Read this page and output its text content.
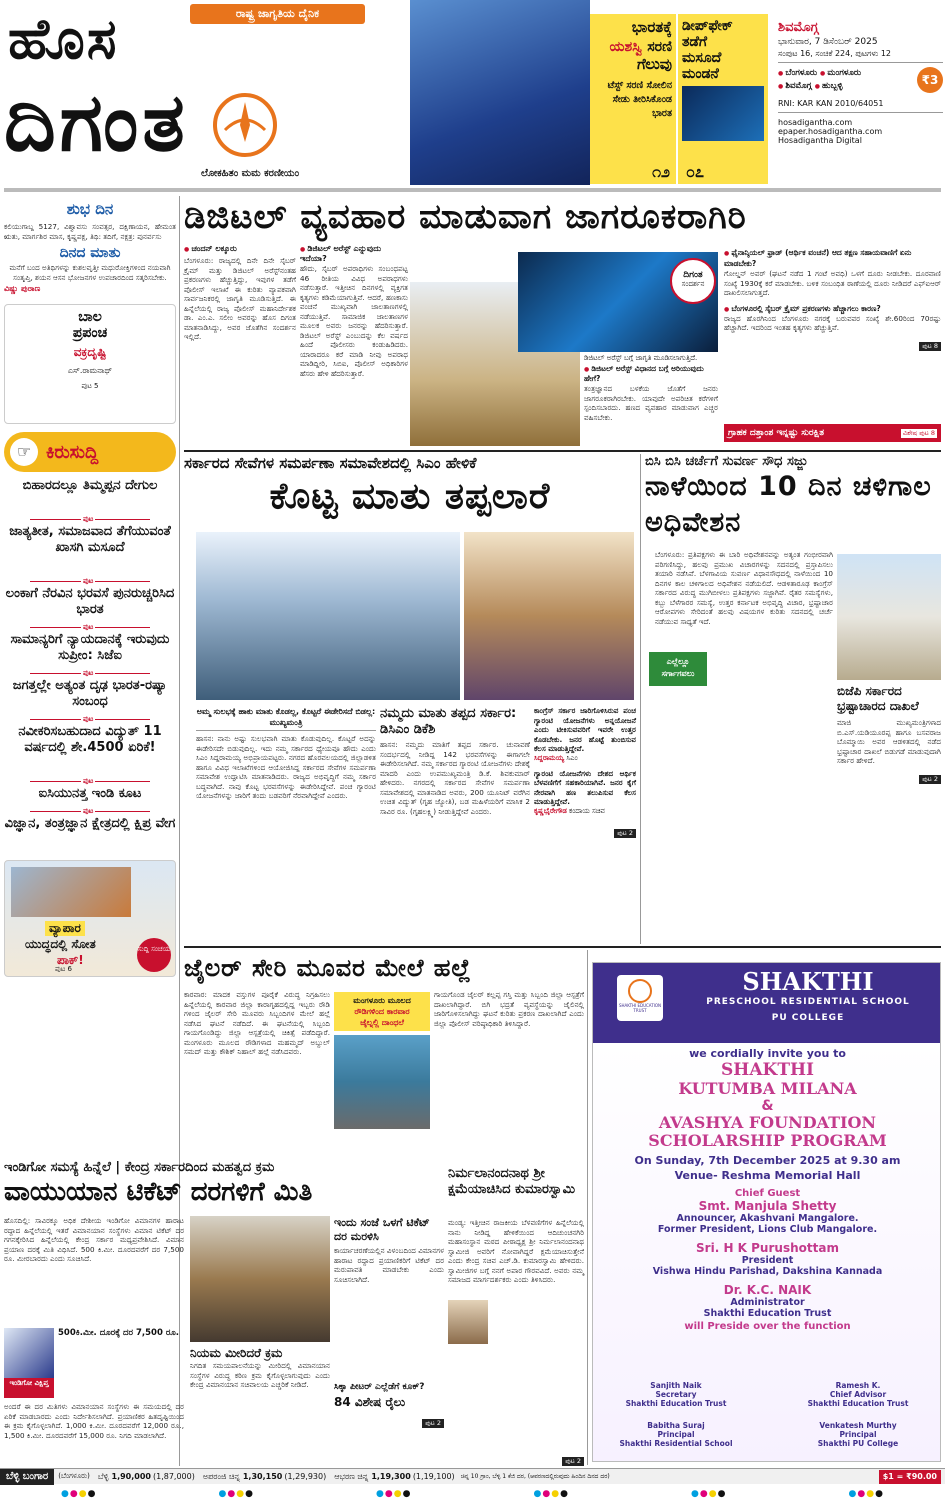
ಹೊಸ
ದಿಗಂತ
ರಾಷ್ಟ್ರ ಜಾಗೃತಿಯ ದೈನಿಕ
ಲೋಕಹಿತಂ ಮಮ ಕರಣೀಯಂ
ಭಾರತಕ್ಕೆ
ಯಶಸ್ವಿ ಸರಣಿ
ಗೆಲುವು
ಟೆಸ್ಟ್ ಸರಣಿ ಸೋಲಿನ ಸೇಡು ತೀರಿಸಿಕೊಂಡ ಭಾರತ
೧೨
ಡೀಪ್‌ಫೇಕ್
ತಡೆಗೆ
ಮಸೂದೆ
ಮಂಡನೆ
೦೭
ಶಿವಮೊಗ್ಗ
ಭಾನುವಾರ, 7 ಡಿಸೆಂಬರ್ 2025
ಸಂಪುಟ 16, ಸಂಚಿಕೆ 224, ಪುಟಗಳು 12
● ಬೆಂಗಳೂರು ● ಮಂಗಳೂರು
● ಶಿವಮೊಗ್ಗ ● ಹುಬ್ಬಳ್ಳಿ	₹3
RNI: KAR KAN 2010/64051
hosadigantha.com
epaper.hosadigantha.com
Hosadigantha Digital
ಶುಭ ದಿನ
ಕಲಿಯುಗಾಬ್ದ 5127, ವಿಶ್ವಾವಸು ಸಂವತ್ಸರ, ದಕ್ಷಿಣಾಯನ, ಹೇಮಂತ ಋತು, ಮಾರ್ಗಶಿರ ಮಾಸ, ಕೃಷ್ಣಪಕ್ಷ, ತಿಥಿ: ತದಿಗೆ, ನಕ್ಷತ್ರ: ಪುನರ್ವಸು
ದಿನದ ಮಾತು
ಮನೆಗೆ ಬಂದ ಅತಿಥಿಗಳನ್ನು ಕುಶಲವೃತ್ತೀ ಮಧುರೋಕ್ತಿಗಳಿಂದ ನಯವಾಗಿ ಸಂತೃಪ್ತಿ, ಶಯನ ಆಸನ ಭೋಜನಗಳ ಉಪಚಾರದಿಂದ ಸತ್ಕರಿಸಬೇಕು.
ವಿಷ್ಣು ಪುರಾಣ
ಬಾಲ
ಪ್ರಪಂಚ
ವಕ್ರದೃಷ್ಟಿ
ಎಸ್.ರಾಮನಾಥ್
ಪುಟ 5
☞ ಕಿರುಸುದ್ದಿ
ಬಿಹಾರದಲ್ಲೂ ತಿಮ್ಮಪ್ಪನ ದೇಗುಲ
ಪುಟ
ಜಾತ್ಯತೀತ, ಸಮಾಜವಾದ ತೆಗೆಯುವಂತೆ ಖಾಸಗಿ ಮಸೂದೆ
ಪುಟ
ಲಂಕಾಗೆ ನೆರವಿನ ಭರವಸೆ ಪುನರುಚ್ಚರಿಸಿದ ಭಾರತ
ಪುಟ
ಸಾಮಾನ್ಯರಿಗೆ ನ್ಯಾಯದಾನಕ್ಕೆ ಇರುವುದು ಸುಪ್ರೀಂ: ಸಿಜೆಐ
ಪುಟ
ಜಗತ್ತಲ್ಲೇ ಅತ್ಯಂತ ದೃಢ ಭಾರತ-ರಷ್ಯಾ ಸಂಬಂಧ
ಪುಟ
ನವೀಕರಿಸಬಹುದಾದ ವಿದ್ಯುತ್ 11 ವರ್ಷದಲ್ಲಿ ಶೇ.4500 ಏರಿಕೆ!
ಪುಟ
ಐಸಿಯುನತ್ತ ಇಂಡಿ ಕೂಟ
ಪುಟ
ವಿಜ್ಞಾನ, ತಂತ್ರಜ್ಞಾನ ಕ್ಷೇತ್ರದಲ್ಲಿ ಕ್ಷಿಪ್ರ ವೇಗ
ವ್ಯಾಪಾರ
ಯುದ್ಧದಲ್ಲಿ ಸೋತ
ಪಾಕ್!
ಪುಟ 6
ಸುದ್ದಿ ಸಂಚಯ
ಡಿಜಿಟಲ್ ವ್ಯವಹಾರ ಮಾಡುವಾಗ ಜಾಗರೂಕರಾಗಿರಿ
● ಚಂದನ್ ಲಕ್ಕೂರು
ಬೆಂಗಳೂರು: ರಾಜ್ಯದಲ್ಲಿ ದಿನೇ ದಿನೇ ಸೈಬರ್ ಕ್ರೈಮ್ ಮತ್ತು ಡಿಜಿಟಲ್ ಅರೆಸ್ಟ್‌ನಂತಹ ಪ್ರಕರಣಗಳು ಹೆಚ್ಚುತ್ತಿದ್ದು, ಇವುಗಳ ತಡೆಗೆ ಪೊಲೀಸ್ ಇಲಾಖೆ ಈ ಕುರಿತು ವ್ಯಾಪಕವಾಗಿ ಸಾರ್ವಜನಿಕರಲ್ಲಿ ಜಾಗೃತಿ ಮೂಡಿಸುತ್ತಿದೆ. ಈ ಹಿನ್ನೆಲೆಯಲ್ಲಿ ರಾಜ್ಯ ಪೊಲೀಸ್ ಮಹಾನಿರ್ದೇಶಕ ಡಾ. ಎಂ.ಎ. ಸಲೀಂ ಅವರನ್ನು ಹೊಸ ದಿಗಂತ ಮಾತನಾಡಿಸಿದ್ದು, ಅವರ ಜೊತೆಗಿನ ಸಂದರ್ಶನ ಇಲ್ಲಿದೆ.
● ಡಿಜಿಟಲ್ ಅರೆಸ್ಟ್ ಎನ್ನುವುದು ಇದೆಯಾ?
ಹೌದು, ಸೈಬರ್ ಅಪರಾಧಿಗಳು ಸಂಬಂಧಪಟ್ಟ 46 ರೀತಿಯ ವಿವಿಧ ಅಪರಾಧಗಳು ನಡೆಸುತ್ತಾರೆ. ಇತ್ತೀಚಿನ ದಿನಗಳಲ್ಲಿ ವ್ಯಕ್ತಿಗತ ಕೃತ್ಯಗಳು ಕಡಿಮೆಯಾಗುತ್ತಿವೆ. ಆದರೆ, ಹಣಕಾಸು ವಂಚನೆ ಮುಖ್ಯವಾಗಿ ಜಾಲತಾಣಗಳಲ್ಲಿ ನಡೆಯುತ್ತಿವೆ. ಸಾಮಾಜಿಕ ಜಾಲತಾಣಗಳ ಮೂಲಕ ಅವರು ಜನರನ್ನು ಹೆದರಿಸುತ್ತಾರೆ. ಡಿಜಿಟಲ್ ಅರೆಸ್ಟ್ ಎಂಬುದನ್ನು ಕೆಲ ವರ್ಷದ ಹಿಂದೆ ಪೊಲೀಸರು ಕಂಡುಹಿಡಿದರು. ಯಾರಾದರೂ ಕರೆ ಮಾಡಿ ನೀವು ಅಪರಾಧ ಮಾಡಿದ್ದೀರಿ, ಸಿಬಿಐ, ಪೊಲೀಸ್ ಅಧಿಕಾರಿಗಳ ಹೆಸರು ಹೇಳಿ ಹೆದರಿಸುತ್ತಾರೆ.
ದಿಗಂತ
ಸಂದರ್ಶನ
ಡಿಜಿಟಲ್ ಅರೆಸ್ಟ್ ಬಗ್ಗೆ ಜಾಗೃತಿ ಮೂಡಿಸಲಾಗುತ್ತಿದೆ.
● ಡಿಜಿಟಲ್ ಅರೆಸ್ಟ್ ವಿಧಾನದ ಬಗ್ಗೆ ಅರಿಯುವುದು ಹೇಗೆ?
ತಂತ್ರಜ್ಞಾನದ ಬಳಕೆಯ ಜೊತೆಗೆ ಜನರು ಜಾಗರೂಕರಾಗಿರಬೇಕು. ಯಾವುದೇ ಅಪರಿಚಿತ ಕರೆಗಳಿಗೆ ಸ್ಪಂದಿಸಬಾರದು. ಹಣದ ವ್ಯವಹಾರ ಮಾಡುವಾಗ ಎಚ್ಚರ ವಹಿಸಬೇಕು.
● ಫೈನಾನ್ಶಿಯಲ್ ಫ್ರಾಡ್ (ಆರ್ಥಿಕ ವಂಚನೆ) ಆದ ತಕ್ಷಣ ಸಹಾಯವಾಣಿಗೆ ಏನು ಮಾಡಬೇಕು?
ಗೋಲ್ಡನ್ ಅವರ್ (ಘಟನೆ ನಡೆದ 1 ಗಂಟೆ ಅವಧಿ) ಒಳಗೆ ದೂರು ನೀಡಬೇಕು. ದೂರವಾಣಿ ಸಂಖ್ಯೆ 1930ಕ್ಕೆ ಕರೆ ಮಾಡಬೇಕು. ಬಳಿಕ ಸಂಬಂಧಿತ ಠಾಣೆಯಲ್ಲಿ ದೂರು ನೀಡಿದರೆ ಎಫ್‌ಐಆರ್ ದಾಖಲಿಸಲಾಗುತ್ತದೆ.
● ಬೆಂಗಳೂರಲ್ಲಿ ಸೈಬರ್ ಕ್ರೈಮ್ ಪ್ರಕರಣಗಳು ಹೆಚ್ಚಾಗಲು ಕಾರಣ?
ರಾಜ್ಯದ ಹೊರಗಿನಿಂದ ಬೆಂಗಳೂರು ನಗರಕ್ಕೆ ಬರುವವರ ಸಂಖ್ಯೆ ಶೇ.60ರಿಂದ 70ರಷ್ಟು ಹೆಚ್ಚಾಗಿದೆ. ಇದರಿಂದ ಇಂತಹ ಕೃತ್ಯಗಳು ಹೆಚ್ಚುತ್ತಿವೆ.
ಪುಟ 8
ಗ್ರಾಹಕ ದತ್ತಾಂಶ ಇನ್ನಷ್ಟು ಸುರಕ್ಷಿತ	ವಿಶೇಷ ಪುಟ 8
ಸರ್ಕಾರದ ಸೇವೆಗಳ ಸಮರ್ಪಣಾ ಸಮಾವೇಶದಲ್ಲಿ ಸಿಎಂ ಹೇಳಿಕೆ
ಕೊಟ್ಟ ಮಾತು ತಪ್ಪಲಾರೆ
ಅಮ್ಮ ಸುಲಭಕ್ಕೆ ಹಾಕು ಮಾತು ಕೊಡಲ್ಲ, ಕೊಟ್ಟರೆ ಈಡೇರಿಸದೆ ಬಿಡಲ್ಲ: ಮುಖ್ಯಮಂತ್ರಿ
ಹಾಸನ: ನಾನು ಅಷ್ಟು ಸುಲಭವಾಗಿ ಮಾತು ಕೊಡುವುದಿಲ್ಲ. ಕೊಟ್ಟರೆ ಅದನ್ನು ಈಡೇರಿಸದೇ ಬಿಡುವುದಿಲ್ಲ. ಇದು ನಮ್ಮ ಸರ್ಕಾರದ ಧ್ಯೇಯವೂ ಹೌದು ಎಂದು ಸಿಎಂ ಸಿದ್ದರಾಮಯ್ಯ ಅಭಿಪ್ರಾಯಪಟ್ಟರು. ನಗರದ ಹೊರವಲಯದಲ್ಲಿ ಜಿಲ್ಲಾಡಳಿತ ಹಾಗೂ ವಿವಿಧ ಇಲಾಖೆಗಳಿಂದ ಆಯೋಜಿಸಿದ್ದ ಸರ್ಕಾರದ ಸೇವೆಗಳ ಸಮರ್ಪಣಾ ಸಮಾವೇಶ ಉದ್ಘಾಟಿಸಿ ಮಾತನಾಡಿದರು. ರಾಜ್ಯದ ಅಭಿವೃದ್ಧಿಗೆ ನಮ್ಮ ಸರ್ಕಾರ ಬದ್ಧವಾಗಿದೆ. ನಾವು ಕೊಟ್ಟ ಭರವಸೆಗಳನ್ನು ಈಡೇರಿಸಿದ್ದೇವೆ. ಪಂಚ ಗ್ಯಾರಂಟಿ ಯೋಜನೆಗಳನ್ನು ಜಾರಿಗೆ ತಂದು ಬಡವರಿಗೆ ನೆರವಾಗಿದ್ದೇವೆ ಎಂದರು.
ನಮ್ಮದು ಮಾತು ತಪ್ಪದ ಸರ್ಕಾರ: ಡಿಸಿಎಂ ಡಿಕೆಶಿ
ಹಾಸನ: ನಮ್ಮದು ಮಾತಿಗೆ ತಪ್ಪದ ಸರ್ಕಾರ. ಚುನಾವಣೆ ಸಂದರ್ಭದಲ್ಲಿ ನೀಡಿದ್ದ 142 ಭರವಸೆಗಳನ್ನು ಈಗಾಗಲೇ ಈಡೇರಿಸಲಾಗಿದೆ. ನಮ್ಮ ಸರ್ಕಾರದ ಗ್ಯಾರಂಟಿ ಯೋಜನೆಗಳು ದೇಶಕ್ಕೆ ಮಾದರಿ ಎಂದು ಉಪಮುಖ್ಯಮಂತ್ರಿ ಡಿ.ಕೆ. ಶಿವಕುಮಾರ್ ಹೇಳಿದರು. ನಗರದಲ್ಲಿ ಸರ್ಕಾರದ ಸೇವೆಗಳ ಸಮರ್ಪಣಾ ಸಮಾವೇಶದಲ್ಲಿ ಮಾತನಾಡಿದ ಅವರು, 200 ಯೂನಿಟ್ ವರೆಗಿನ ಉಚಿತ ವಿದ್ಯುತ್ (ಗೃಹ ಜ್ಯೋತಿ), ಬಡ ಮಹಿಳೆಯರಿಗೆ ಮಾಸಿಕ 2 ಸಾವಿರ ರೂ. (ಗೃಹಲಕ್ಷ್ಮಿ) ನೀಡುತ್ತಿದ್ದೇವೆ ಎಂದರು.
ಕಾಂಗ್ರೆಸ್ ಸರ್ಕಾರ ಜಾರಿಗೊಳಿಸಿರುವ ಪಂಚ ಗ್ಯಾರಂಟಿ ಯೋಜನೆಗಳು ಅನ್ನಯೋಜನೆ ಎಂದು ಟೀಕಿಸುವವರಿಗೆ ಇವರೇ ಉತ್ತರ ಕೊಡಬೇಕು. ಜನರ ಹೊಟ್ಟೆ ತುಂಬಿಸುವ ಕೆಲಸ ಮಾಡುತ್ತಿದ್ದೇವೆ.
ಸಿದ್ದರಾಮಯ್ಯ ಸಿಎಂ
ಗ್ಯಾರಂಟಿ ಯೋಜನೆಗಳು ದೇಶದ ಆರ್ಥಿಕ ಬೆಳವಣಿಗೆಗೆ ಸಹಕಾರಿಯಾಗಿವೆ. ಜನರ ಕೈಗೆ ನೇರವಾಗಿ ಹಣ ತಲುಪಿಸುವ ಕೆಲಸ ಮಾಡುತ್ತಿದ್ದೇವೆ.
ಕೃಷ್ಣಭೈರೇಗೌಡ ಕಂದಾಯ ಸಚಿವ
ಪುಟ 2
ಬಿಸಿ ಬಿಸಿ ಚರ್ಚೆಗೆ ಸುವರ್ಣ ಸೌಧ ಸಜ್ಜು
ನಾಳೆಯಿಂದ 10 ದಿನ ಚಳಿಗಾಲ ಅಧಿವೇಶನ
ಬೆಂಗಳೂರು: ಪ್ರತಿಪಕ್ಷಗಳು ಈ ಬಾರಿ ಅಧಿವೇಶನವನ್ನು ಅತ್ಯಂತ ಗಂಭೀರವಾಗಿ ಪರಿಗಣಿಸಿದ್ದು, ಹಲವು ಪ್ರಮುಖ ವಿಚಾರಗಳನ್ನು ಸದನದಲ್ಲಿ ಪ್ರಸ್ತಾಪಿಸಲು ತಯಾರಿ ನಡೆಸಿವೆ. ಬೆಳಗಾವಿಯ ಸುವರ್ಣ ವಿಧಾನಸೌಧದಲ್ಲಿ ನಾಳೆಯಿಂದ 10 ದಿನಗಳ ಕಾಲ ಚಳಿಗಾಲದ ಅಧಿವೇಶನ ನಡೆಯಲಿದೆ. ಆಡಳಿತಾರೂಢ ಕಾಂಗ್ರೆಸ್ ಸರ್ಕಾರದ ವಿರುದ್ಧ ಮುಗಿಬೀಳಲು ಪ್ರತಿಪಕ್ಷಗಳು ಸಜ್ಜಾಗಿವೆ. ರೈತರ ಸಮಸ್ಯೆಗಳು, ಕಬ್ಬು ಬೆಳೆಗಾರರ ಸಮಸ್ಯೆ, ಉತ್ತರ ಕರ್ನಾಟಕ ಅಭಿವೃದ್ಧಿ ವಿಚಾರ, ಭ್ರಷ್ಟಾಚಾರ ಆರೋಪಗಳು ಸೇರಿದಂತೆ ಹಲವು ವಿಷಯಗಳ ಕುರಿತು ಸದನದಲ್ಲಿ ಚರ್ಚೆ ನಡೆಯುವ ಸಾಧ್ಯತೆ ಇದೆ.
ಎಲ್ಲೆಲ್ಲೂ
ಸರ್ಗಾಗವಲು
ಬಿಜೆಪಿ ಸರ್ಕಾರದ ಭ್ರಷ್ಟಾಚಾರದ ದಾಖಲೆ
ಮಾಜಿ ಮುಖ್ಯಮಂತ್ರಿಗಳಾದ ಬಿ.ಎಸ್.ಯಡಿಯೂರಪ್ಪ ಹಾಗೂ ಬಸವರಾಜ ಬೊಮ್ಮಾಯಿ ಅವರ ಆಡಳಿತದಲ್ಲಿ ನಡೆದ ಭ್ರಷ್ಟಾಚಾರ ದಾಖಲೆ ಬಿಡುಗಡೆ ಮಾಡುವುದಾಗಿ ಸರ್ಕಾರ ಹೇಳಿದೆ.
ಪುಟ 2
ಜೈಲರ್ ಸೇರಿ ಮೂವರ ಮೇಲೆ ಹಲ್ಲೆ
ಕಾರವಾರ: ಮಾದಕ ವಸ್ತುಗಳ ಪೂರೈಕೆ ವಿರುದ್ಧ ನಿಗ್ರಹಿಸಲು ಹಿನ್ನೆಲೆಯಲ್ಲಿ ಕಾರವಾರ ಜಿಲ್ಲಾ ಕಾರಾಗೃಹದಲ್ಲಿದ್ದ ಇಬ್ಬರು ರೌಡಿ ಗಳಿಂದ ಜೈಲರ್ ಸೇರಿ ಮೂವರು ಸಿಬ್ಬಂದಿಗಳ ಮೇಲೆ ಹಲ್ಲೆ ನಡೆಸಿದ ಘಟನೆ ನಡೆದಿದೆ. ಈ ಘಟನೆಯಲ್ಲಿ ಸಿಬ್ಬಂದಿ ಗಾಯಗೊಂಡಿದ್ದು ಜಿಲ್ಲಾ ಆಸ್ಪತ್ರೆಯಲ್ಲಿ ಚಿಕಿತ್ಸೆ ಪಡೆದಿದ್ದಾರೆ. ಮಂಗಳೂರು ಮೂಲದ ರೌಡಿಗಳಾದ ಮಹಮ್ಮದ್ ಅಬ್ದುಲ್ ಸಮದ್ ಮತ್ತು ಕೌಶಿಕ್ ನಿಹಾಲ್ ಹಲ್ಲೆ ನಡೆಸಿದವರು.
ಮಂಗಳೂರು ಮೂಲದ
ರೌಡಿಗಳಿಂದ ಕಾರವಾರ
ಜೈಲ್ನಲ್ಲಿ ದಾಂಧಲೆ
ಗಾಯಗೊಂಡ ಜೈಲರ್ ಕಲ್ಲಪ್ಪ ಗಸ್ತಿ ಮತ್ತು ಸಿಬ್ಬಂದಿ ಜಿಲ್ಲಾ ಆಸ್ಪತ್ರೆಗೆ ದಾಖಲಾಗಿದ್ದಾರೆ. ಬಿಗಿ ಭದ್ರತೆ ವ್ಯವಸ್ಥೆಯನ್ನು ಜೈಲಿನಲ್ಲಿ ಜಾರಿಗೊಳಿಸಲಾಗಿದ್ದು ಘಟನೆ ಕುರಿತು ಪ್ರಕರಣ ದಾಖಲಾಗಿದೆ ಎಂದು ಜಿಲ್ಲಾ ಪೊಲೀಸ್ ವರಿಷ್ಠಾಧಿಕಾರಿ ತಿಳಿಸಿದ್ದಾರೆ.
ಇಂಡಿಗೋ ಸಮಸ್ಯೆ ಹಿನ್ನೆಲೆ | ಕೇಂದ್ರ ಸರ್ಕಾರದಿಂದ ಮಹತ್ವದ ಕ್ರಮ
ವಾಯುಯಾನ ಟಿಕೆಟ್ ದರಗಳಿಗೆ ಮಿತಿ
ಹೊಸದಿಲ್ಲಿ: ಸಾವಿರಕ್ಕೂ ಅಧಿಕ ದೇಶೀಯ ಇಂಡಿಗೋ ವಿಮಾನಗಳ ಹಾರಾಟ ರದ್ದಾದ ಹಿನ್ನೆಲೆಯಲ್ಲಿ ಇತರೆ ವಿಮಾನಯಾನ ಸಂಸ್ಥೆಗಳು ವಿಮಾನ ಟಿಕೆಟ್ ದರ ಗಗನಕ್ಕೇರಿಸಿದ ಹಿನ್ನೆಲೆಯಲ್ಲಿ ಕೇಂದ್ರ ಸರ್ಕಾರ ಮಧ್ಯಪ್ರವೇಶಿಸಿದೆ. ವಿಮಾನ ಪ್ರಯಾಣ ದರಕ್ಕೆ ಮಿತಿ ವಿಧಿಸಿದೆ. 500 ಕಿ.ಮೀ. ದೂರದವರೆಗೆ ದರ 7,500 ರೂ. ಮೀರಬಾರದು ಎಂದು ಸೂಚಿಸಿದೆ.
ಇಂಡಿಗೋ ವಿಕ್ಷಿಪ್ತ
500ಕಿ.ಮೀ. ದೂರಕ್ಕೆ ದರ 7,500 ರೂ.
ಅಂದರೆ ಈ ದರ ಮಿತಿಗಳು ವಿಮಾನಯಾನ ಸಂಸ್ಥೆಗಳು ಈ ಸಮಯದಲ್ಲಿ ದರ ಏರಿಕೆ ಮಾಡಬಾರದು ಎಂದು ನಿರ್ದೇಶಿಸಲಾಗಿದೆ. ಪ್ರಯಾಣಿಕರ ಹಿತದೃಷ್ಟಿಯಿಂದ ಈ ಕ್ರಮ ಕೈಗೊಳ್ಳಲಾಗಿದೆ. 1,000 ಕಿ.ಮೀ. ದೂರದವರೆಗೆ 12,000 ರೂ., 1,500 ಕಿ.ಮೀ. ದೂರದವರೆಗೆ 15,000 ರೂ. ನಿಗದಿ ಮಾಡಲಾಗಿದೆ.
ಇಂದು ಸಂಜೆ ಒಳಗೆ ಟಿಕೆಟ್ ದರ ಮರಳಿಸಿ
ಕಾರ್ಯಾಚರಣೆಯಲ್ಲಿನ ವಿಳಂಬದಿಂದ ವಿಮಾನಗಳ ಹಾರಾಟ ರದ್ದಾದ ಪ್ರಯಾಣಿಕರಿಗೆ ಟಿಕೆಟ್ ದರ ಮರುಪಾವತಿ ಮಾಡಬೇಕು ಎಂದು ಸೂಚಿಸಲಾಗಿದೆ.
ನಿಯಮ ಮೀರಿದರೆ ಕ್ರಮ
ನಿಗದಿತ ಸಮಯಪಾಲನೆಯನ್ನು ಮೀರಿದಲ್ಲಿ ವಿಮಾನಯಾನ ಸಂಸ್ಥೆಗಳ ವಿರುದ್ಧ ಕಠಿಣ ಕ್ರಮ ಕೈಗೊಳ್ಳಲಾಗುವುದು ಎಂದು ಕೇಂದ್ರ ವಿಮಾನಯಾನ ಸಚಿವಾಲಯ ಎಚ್ಚರಿಕೆ ನೀಡಿದೆ.	ಸಿಕ್ಕಾ ಪೀಟರ್ ಎಲ್ಲೆಡೆಗೆ ಕೂಕ್?
84 ವಿಶೇಷ ರೈಲು
ಪುಟ 2
ನಿರ್ಮಲಾನಂದನಾಥ ಶ್ರೀ ಕ್ಷಮೆಯಾಚಿಸಿದ ಕುಮಾರಸ್ವಾಮಿ
ಮಂಡ್ಯ: ಇತ್ತೀಚಿನ ರಾಜಕೀಯ ಬೆಳವಣಿಗೆಗಳ ಹಿನ್ನೆಲೆಯಲ್ಲಿ ನಾನು ನೀಡಿದ್ದ ಹೇಳಿಕೆಯಿಂದ ಆದಿಚುಂಚನಗಿರಿ ಮಹಾಸಂಸ್ಥಾನ ಮಠದ ಪೀಠಾಧ್ಯಕ್ಷ ಶ್ರೀ ನಿರ್ಮಲಾನಂದನಾಥ ಸ್ವಾಮೀಜಿ ಅವರಿಗೆ ನೋವಾಗಿದ್ದರೆ ಕ್ಷಮೆಯಾಚಿಸುತ್ತೇನೆ ಎಂದು ಕೇಂದ್ರ ಸಚಿವ ಎಚ್.ಡಿ. ಕುಮಾರಸ್ವಾಮಿ ಹೇಳಿದರು. ಸ್ವಾಮೀಜಿಗಳ ಬಗ್ಗೆ ನನಗೆ ಅಪಾರ ಗೌರವವಿದೆ. ಅವರು ನಮ್ಮ ಸಮಾಜದ ಮಾರ್ಗದರ್ಶಕರು ಎಂದು ತಿಳಿಸಿದರು.
ಪುಟ 2
SHAKTHI EDUCATION TRUST
SHAKTHI
PRESCHOOL RESIDENTIAL SCHOOL
PU COLLEGE
we cordially invite you to
SHAKTHI
KUTUMBA MILANA
&
AVASHYA FOUNDATION
SCHOLARSHIP PROGRAM
On Sunday, 7th December 2025 at 9.30 am
Venue- Reshma Memorial Hall
Chief Guest
Smt. Manjula Shetty
Announcer, Akashvani Mangalore.
Former President, Lions Club Mangalore.
Sri. H K Purushottam
President
Vishwa Hindu Parishad, Dakshina Kannada
Dr. K.C. NAIK
Administrator
Shakthi Education Trust
will Preside over the function
Sanjith Naik
Secretary
Shakthi Education Trust
Ramesh K.
Chief Advisor
Shakthi Education Trust
Babitha Suraj
Principal
Shakthi Residential School
Venkatesh Murthy
Principal
Shakthi PU College
ಬೆಳ್ಳಿ ಬಂಗಾರ	(ಬೆಂಗಳೂರು) ಬೆಳ್ಳಿ 1,90,000 (1,87,000) ಅಪರಂಜಿ ಚಿನ್ನ 1,30,150 (1,29,930) ಆಭರಣ ಚಿನ್ನ 1,19,300 (1,19,100) ಚಿನ್ನ 10 ಗ್ರಾಂ, ಬೆಳ್ಳಿ 1 ಕೆಜಿ ದರ, (ಆವರಣದಲ್ಲಿರುವುದು ಹಿಂದಿನ ದಿನದ ದರ)	$1 = ₹90.00
●●●●	●●●●	●●●●	●●●●	●●●●	●●●●
